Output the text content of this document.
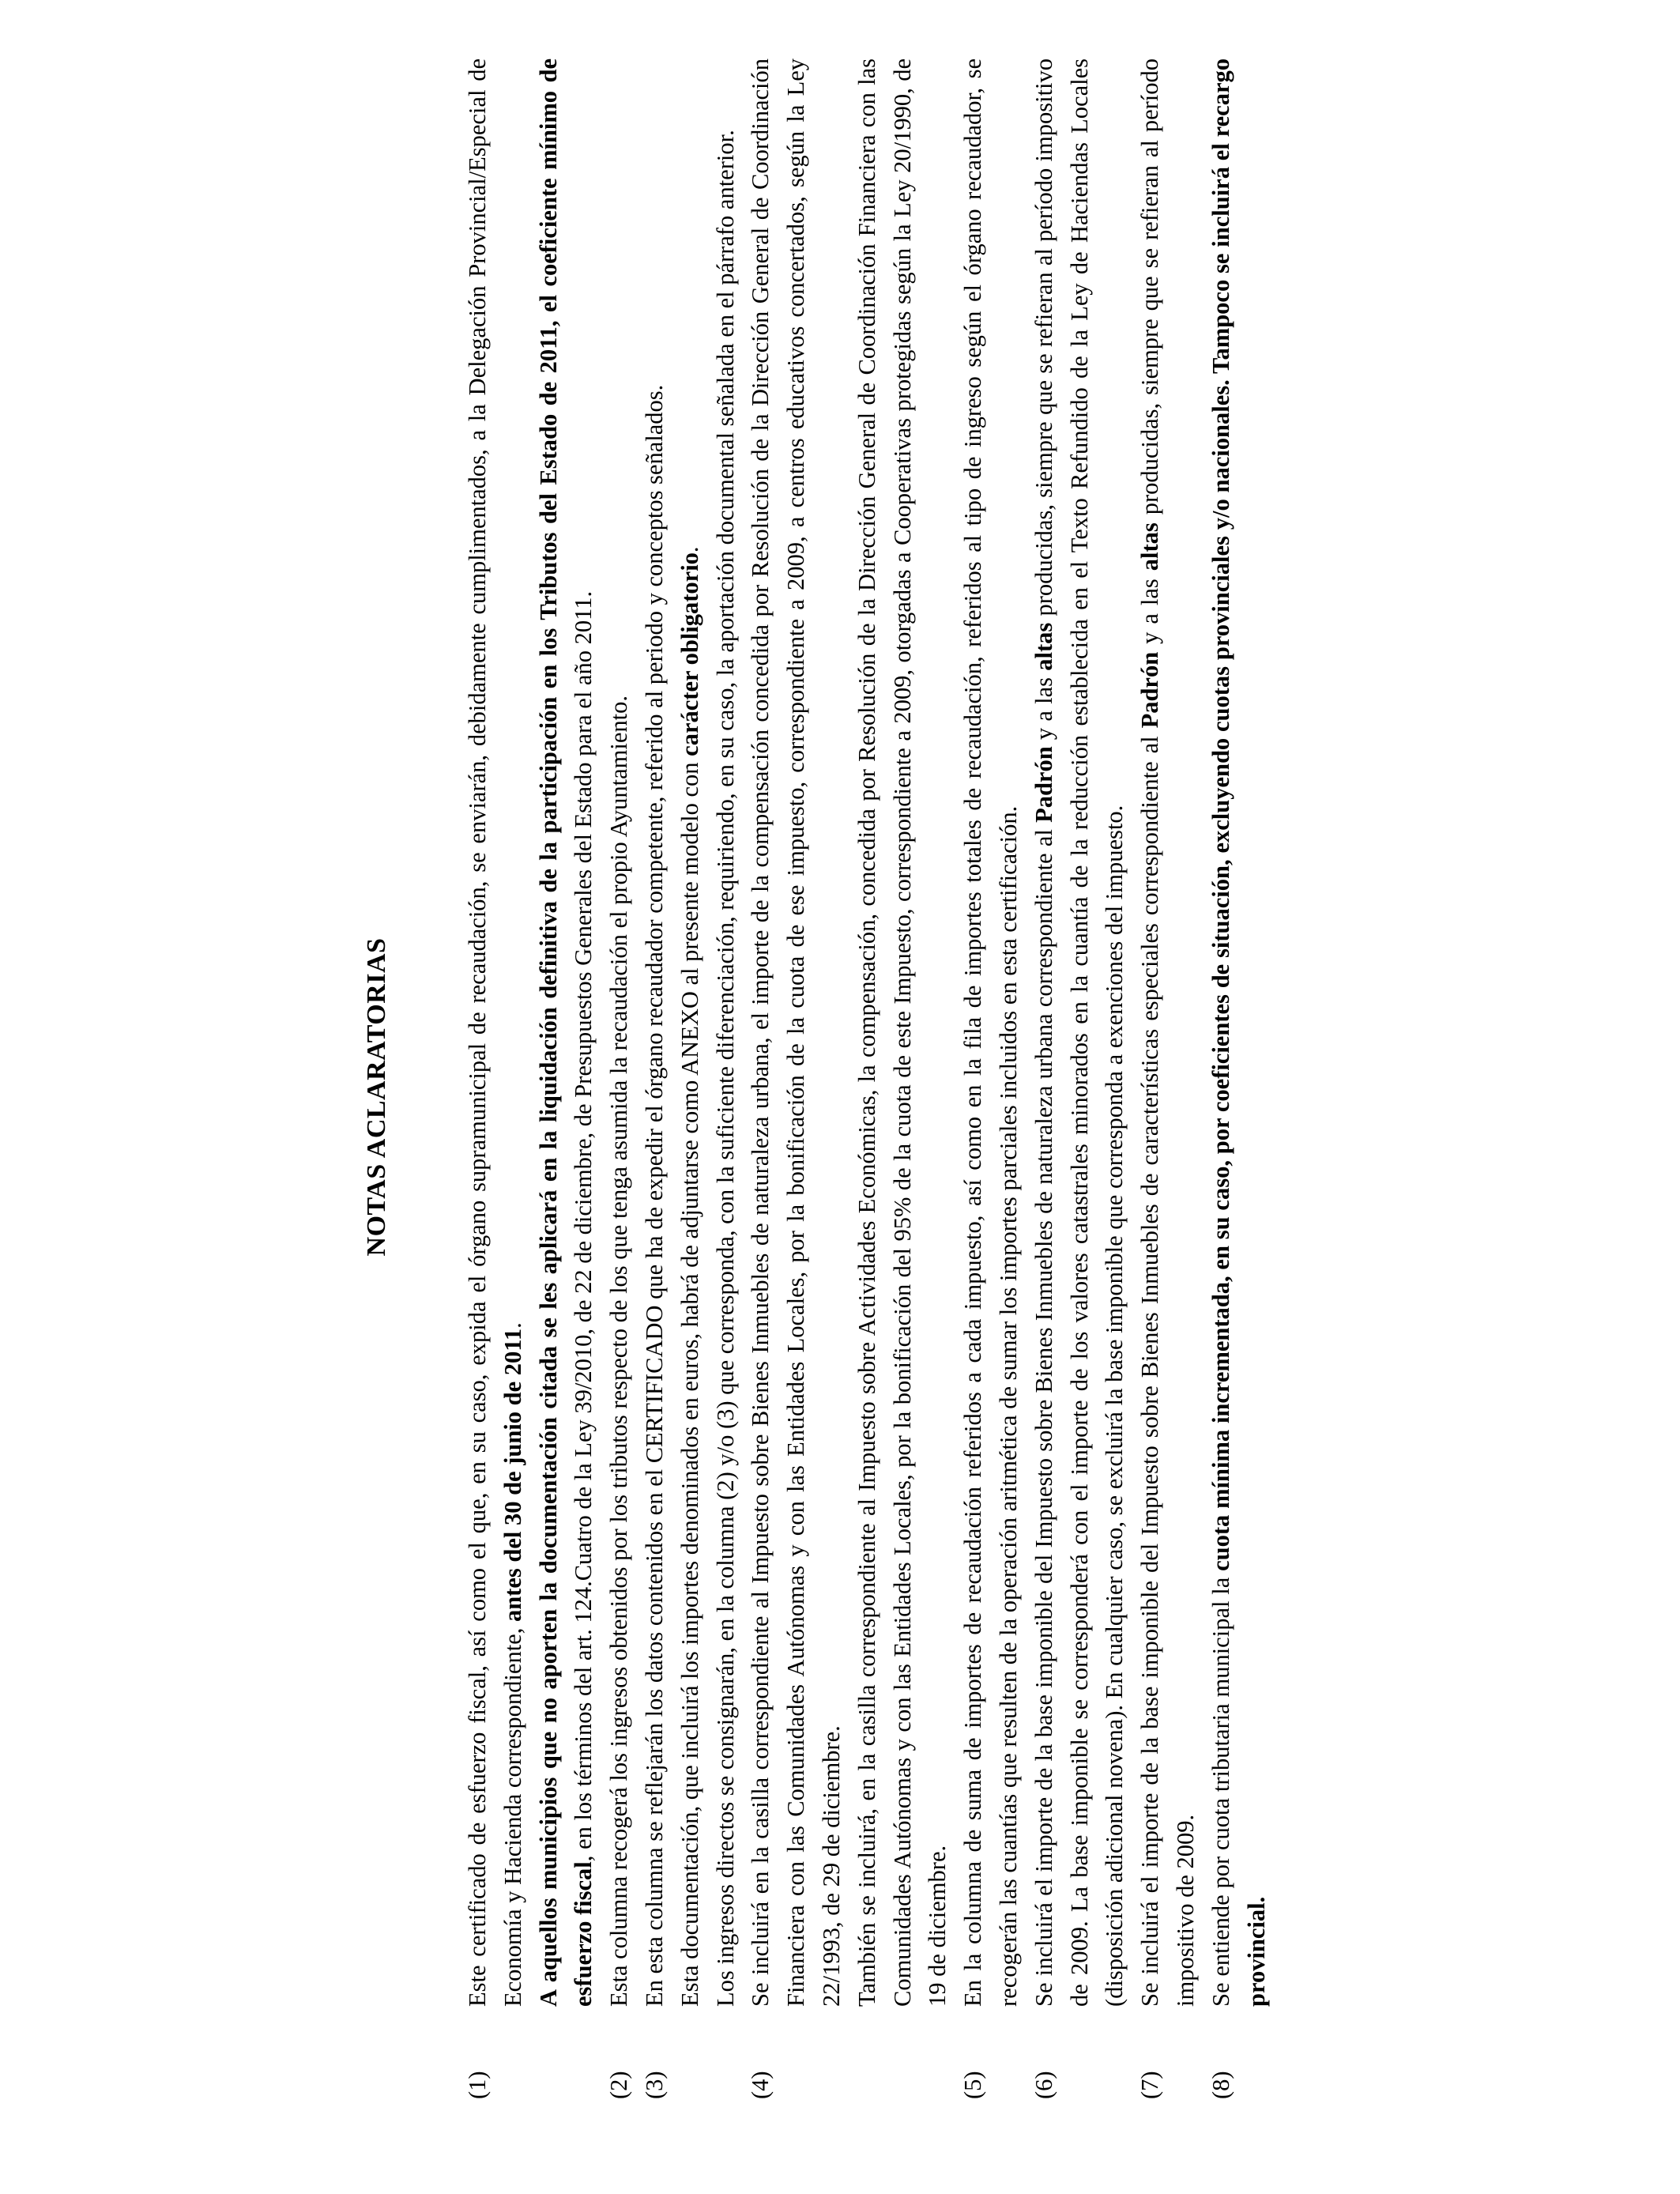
NOTAS ACLARATORIAS
(1)

Este certificado de esfuerzo fiscal, así como el que, en su caso, expida el órgano supramunicipal de recaudación, se enviarán, debidamente cumplimentados, a la Delegación Provincial/Especial de Economía y Hacienda correspondiente, antes del 30 de junio de 2011. A aquellos municipios que no aporten la documentación citada se les aplicará en la liquidación definitiva de la participación en los Tributos del Estado de 2011, el coeficiente mínimo de esfuerzo fiscal, en los términos del art. 124.Cuatro de la Ley 39/2010, de 22 de diciembre, de Presupuestos Generales del Estado para el año 2011.

(2)

Esta columna recogerá los ingresos obtenidos por los tributos respecto de los que tenga asumida la recaudación el propio Ayuntamiento.

(3)

En esta columna se reflejarán los datos contenidos en el CERTIFICADO que ha de expedir el órgano recaudador competente, referido al periodo y conceptos señalados. Esta documentación, que incluirá los importes denominados en euros, habrá de adjuntarse como ANEXO al presente modelo con carácter obligatorio. Los ingresos directos se consignarán, en la columna (2) y/o (3) que corresponda, con la suficiente diferenciación, requiriendo, en su caso, la aportación documental señalada en el párrafo anterior.

(4)

Se incluirá en la casilla correspondiente al Impuesto sobre Bienes Inmuebles de naturaleza urbana, el importe de la compensación concedida por Resolución de la Dirección General de Coordinación Financiera con las Comunidades Autónomas y con las Entidades Locales, por la bonificación de la cuota de ese impuesto, correspondiente a 2009, a centros educativos concertados, según la Ley 22/1993, de 29 de diciembre. También se incluirá, en la casilla correspondiente al Impuesto sobre Actividades Económicas, la compensación, concedida por Resolución de la Dirección General de Coordinación Financiera con las Comunidades Autónomas y con las Entidades Locales, por la bonificación del 95% de la cuota de este Impuesto, correspondiente a 2009, otorgadas a Cooperativas protegidas según la Ley 20/1990, de 19 de diciembre.

(5)

En la columna de suma de importes de recaudación referidos a cada impuesto, así como en la fila de importes totales de recaudación, referidos al tipo de ingreso según el órgano recaudador, se recogerán las cuantías que resulten de la operación aritmética de sumar los importes parciales incluidos en esta certificación.

(6)

Se incluirá el importe de la base imponible del Impuesto sobre Bienes Inmuebles de naturaleza urbana correspondiente al Padrón y a las altas producidas, siempre que se refieran al período impositivo de 2009. La base imponible se corresponderá con el importe de los valores catastrales minorados en la cuantía de la reducción establecida en el Texto Refundido de la Ley de Haciendas Locales (disposición adicional novena). En cualquier caso, se excluirá la base imponible que corresponda a exenciones del impuesto.

(7)

Se incluirá el importe de la base imponible del Impuesto sobre Bienes Inmuebles de características especiales correspondiente al Padrón y a las altas producidas, siempre que se refieran al período impositivo de 2009.

(8)

Se entiende por cuota tributaria municipal la cuota mínima incrementada, en su caso, por coeficientes de situación, excluyendo cuotas provinciales y/o nacionales. Tampoco se incluirá el recargo provincial.
